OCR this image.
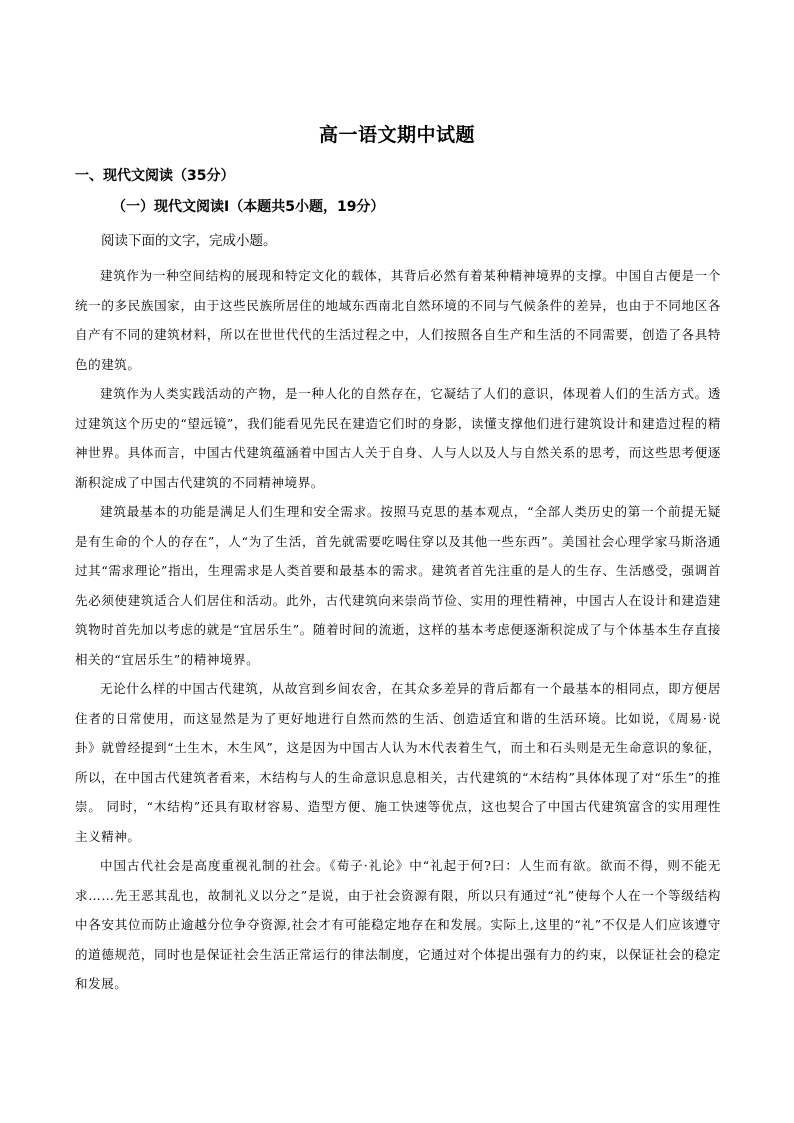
高一语文期中试题
一、现代文阅读（35分）
（一）现代文阅读Ⅰ（本题共5小题，19分）
阅读下面的文字，完成小题。

建筑作为一种空间结构的展现和特定文化的载体，其背后必然有着某种精神境界的支撑。中国自古便是一个统一的多民族国家，由于这些民族所居住的地域东西南北自然环境的不同与气候条件的差异，也由于不同地区各自产有不同的建筑材料，所以在世世代代的生活过程之中，人们按照各自生产和生活的不同需要，创造了各具特色的建筑。

建筑作为人类实践活动的产物，是一种人化的自然存在，它凝结了人们的意识，体现着人们的生活方式。透过建筑这个历史的“望远镜”，我们能看见先民在建造它们时的身影，读懂支撑他们进行建筑设计和建造过程的精神世界。具体而言，中国古代建筑蕴涵着中国古人关于自身、人与人以及人与自然关系的思考，而这些思考便逐渐积淀成了中国古代建筑的不同精神境界。

建筑最基本的功能是满足人们生理和安全需求。按照马克思的基本观点，“全部人类历史的第一个前提无疑是有生命的个人的存在”，人“为了生活，首先就需要吃喝住穿以及其他一些东西”。美国社会心理学家马斯洛通过其“需求理论”指出，生理需求是人类首要和最基本的需求。建筑者首先注重的是人的生存、生活感受，强调首先必须使建筑适合人们居住和活动。此外，古代建筑向来崇尚节俭、实用的理性精神，中国古人在设计和建造建筑物时首先加以考虑的就是“宜居乐生”。随着时间的流逝，这样的基本考虑便逐渐积淀成了与个体基本生存直接相关的“宜居乐生”的精神境界。

无论什么样的中国古代建筑，从故宫到乡间农舍，在其众多差异的背后都有一个最基本的相同点，即方便居住者的日常使用，而这显然是为了更好地进行自然而然的生活、创造适宜和谐的生活环境。比如说，《周易·说卦》就曾经提到“土生木，木生风”，这是因为中国古人认为木代表着生气，而土和石头则是无生命意识的象征，所以，在中国古代建筑者看来，木结构与人的生命意识息息相关，古代建筑的“木结构”具体体现了对“乐生”的推崇。 同时，“木结构”还具有取材容易、造型方便、施工快速等优点，这也契合了中国古代建筑富含的实用理性主义精神。

中国古代社会是高度重视礼制的社会。《荀子·礼论》中“礼起于何?曰：人生而有欲。欲而不得，则不能无求……先王恶其乱也，故制礼义以分之”是说，由于社会资源有限，所以只有通过“礼”使每个人在一个等级结构中各安其位而防止逾越分位争夺资源,社会才有可能稳定地存在和发展。实际上,这里的“礼”不仅是人们应该遵守的道德规范，同时也是保证社会生活正常运行的律法制度，它通过对个体提出强有力的约束，以保证社会的稳定和发展。
